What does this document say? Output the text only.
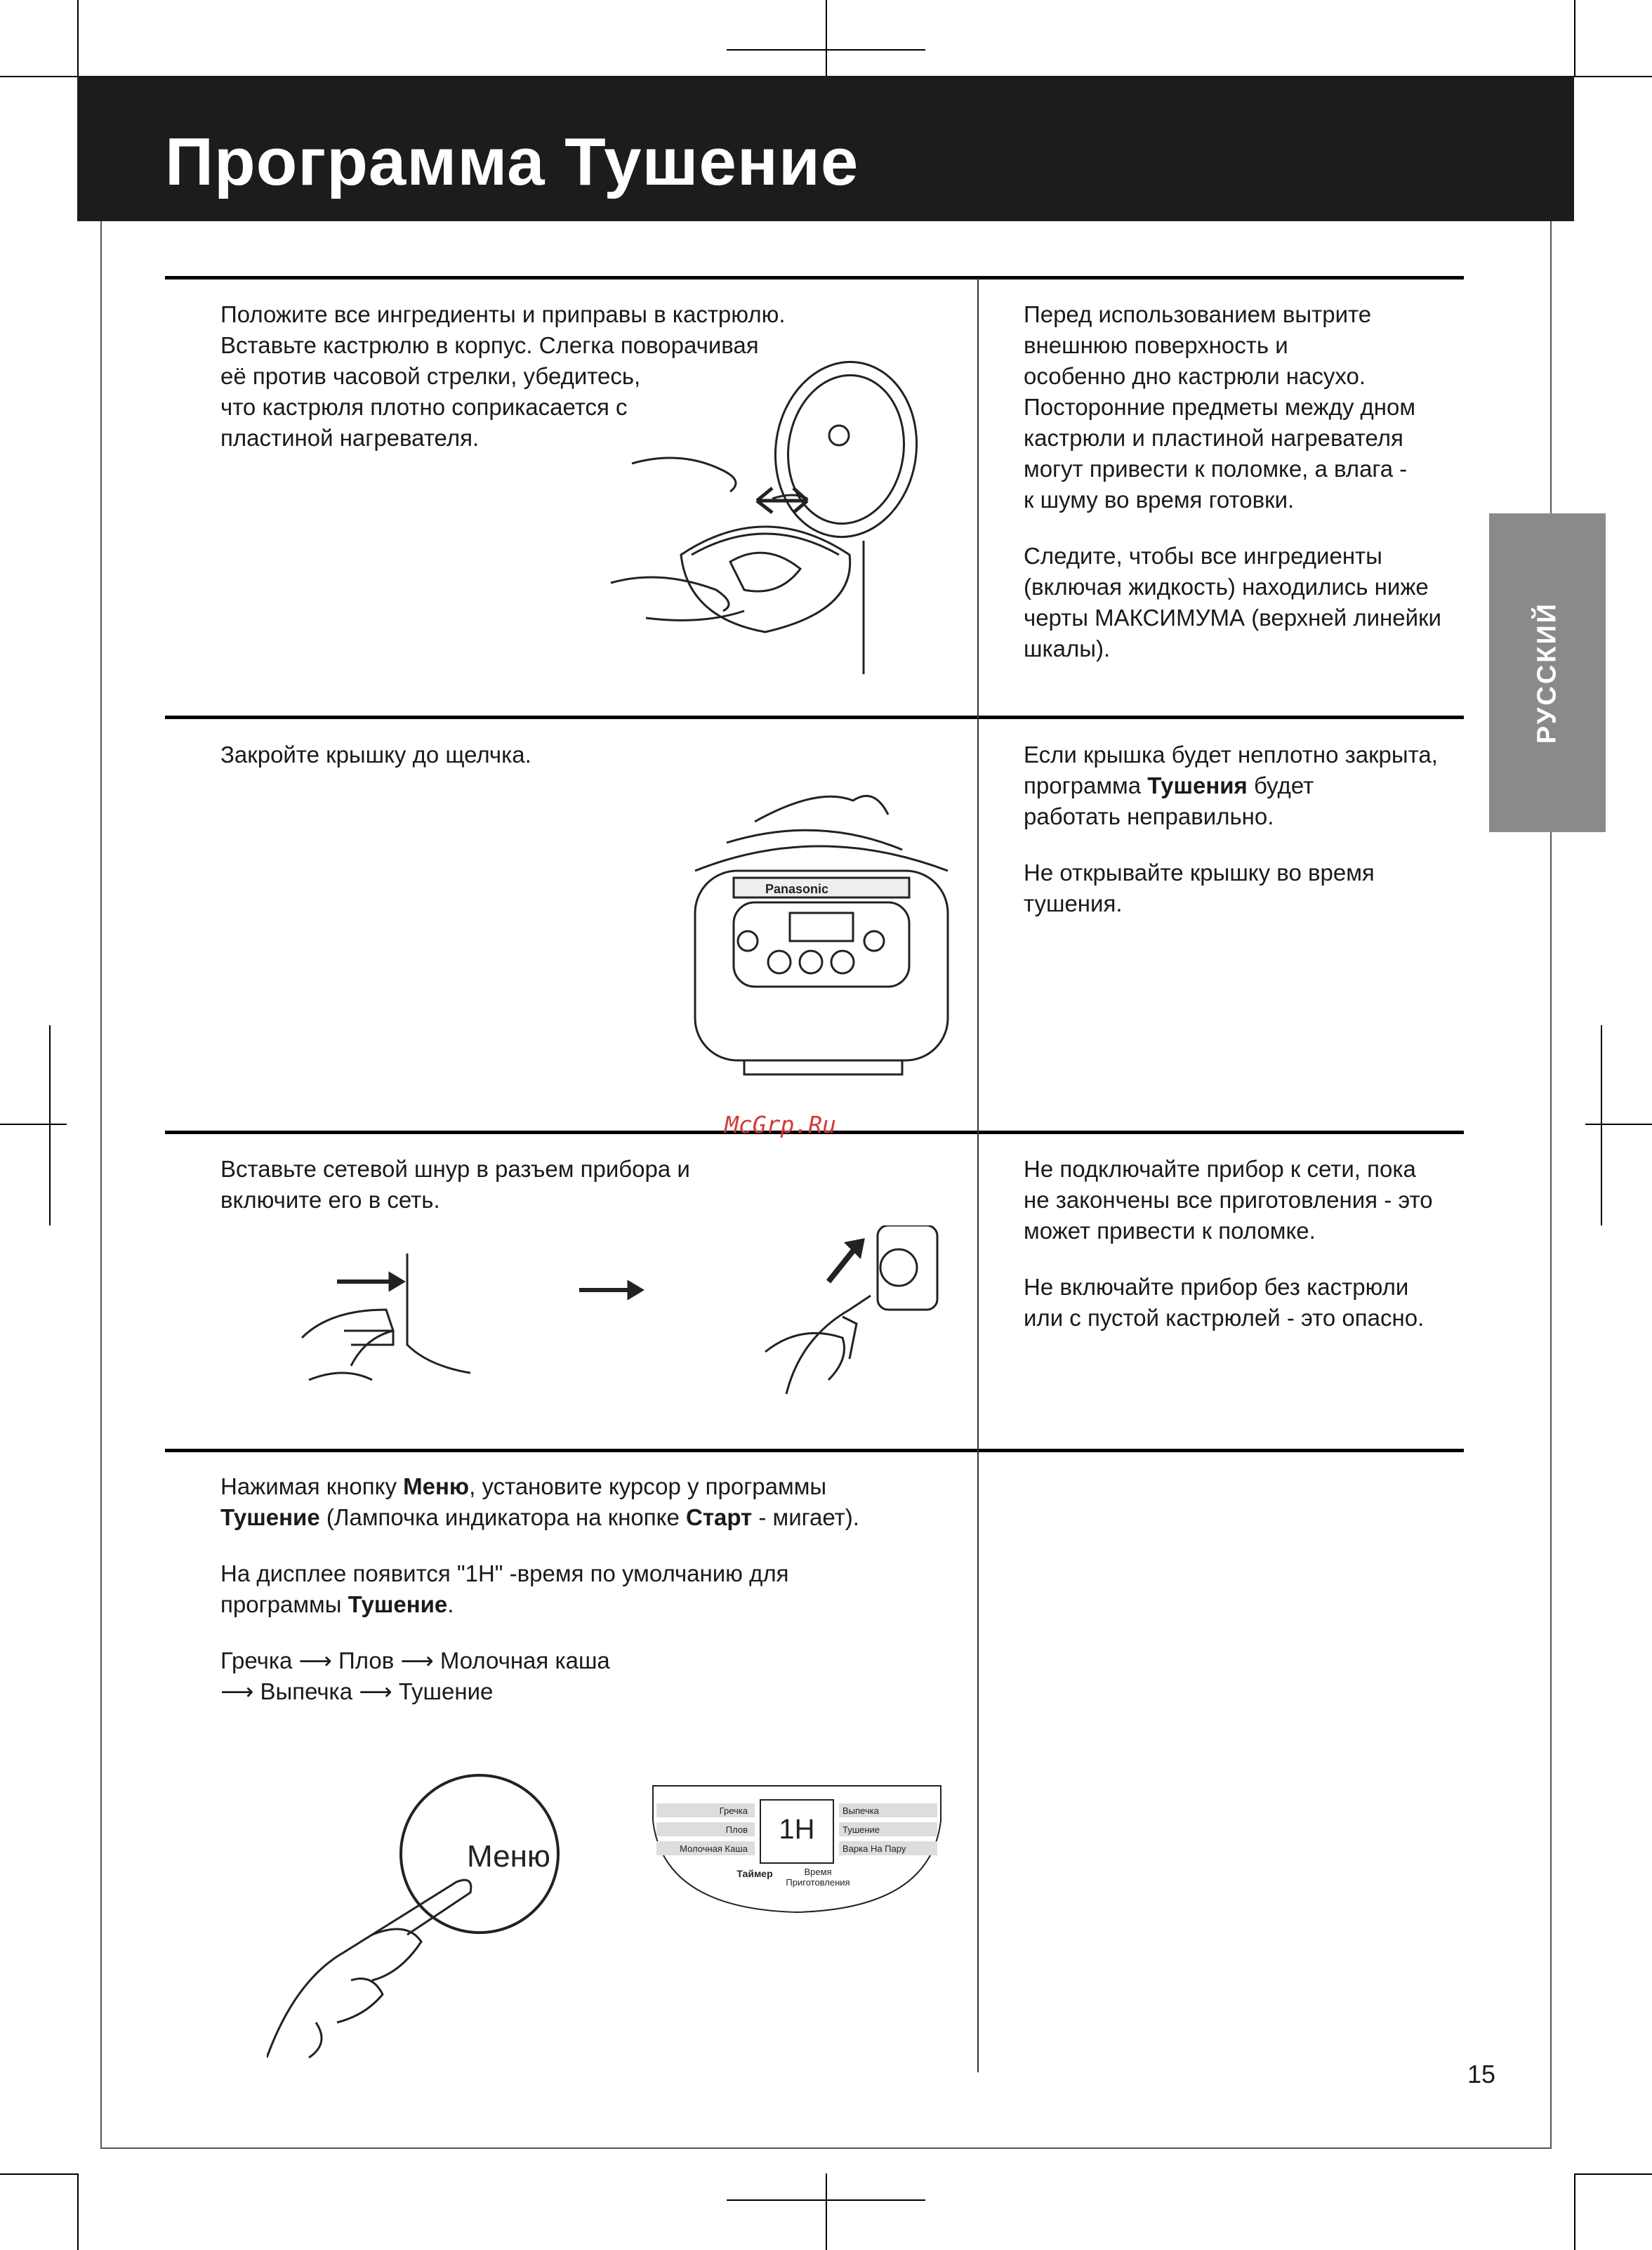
Программа Тушение
РУССКИЙ

Положите все ингредиенты и приправы в кастрюлю.

Вставьте кастрюлю в корпус. Слегка поворачивая

её против часовой стрелки, убедитесь,

что кастрюля плотно соприкасается с

пластиной нагревателя.

Перед использованием вытрите

внешнюю поверхность и

особенно дно кастрюли насухо.

Посторонние предметы между дном

кастрюли и пластиной нагревателя

могут привести к поломке, а влага -

к шуму во время готовки.

Следите, чтобы все ингредиенты

(включая жидкость) находились ниже

черты МАКСИМУМА (верхней линейки

шкалы).

Закройте крышку до щелчка.	Если крышка будет неплотно закрыта,

программа Тушения будет

работать неправильно.

Не открывайте крышку во время

тушения.

Panasonic

Вставьте сетевой шнур в разъем прибора и

включите его в сеть.

Не подключайте прибор к сети, пока

не закончены все приготовления - это

может привести к поломке.

Не включайте прибор без кастрюли

или с пустой кастрюлей - это опасно.

Нажимая кнопку Меню, установите курсор у программы

Тушение (Лампочка индикатора на кнопке Старт - мигает).

На дисплее появится "1H" -время по умолчанию для

программы Тушение.

Гречка ⟶ Плов ⟶ Молочная каша

⟶ Выпечка ⟶ Тушение

Меню
Гречка
Плов
Молочная Каша
Выпечка
Тушение
Варка На Пару
1H
Таймер	Время
Приготовления
McGrp.Ru
15
